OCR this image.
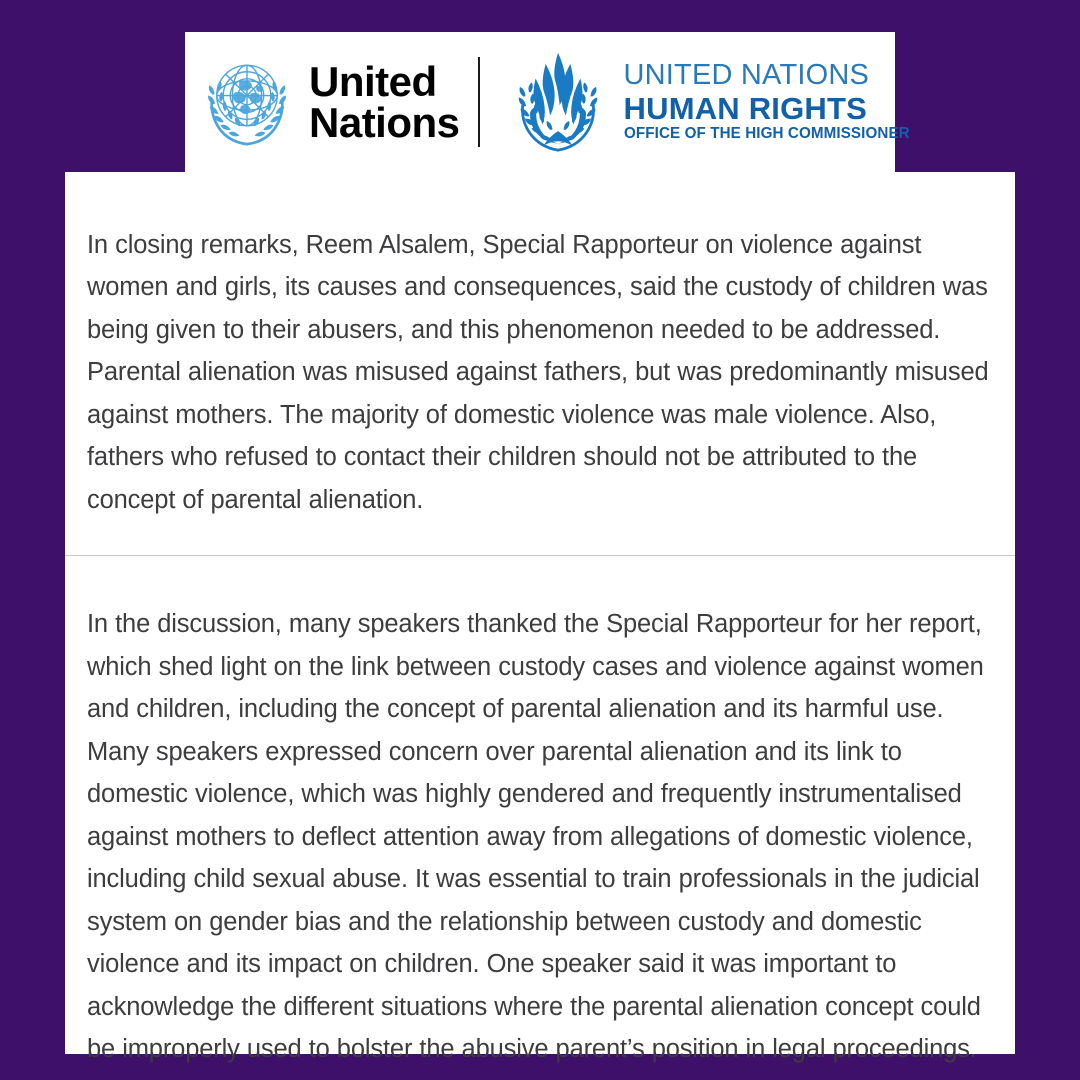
United
Nations
UNITED NATIONS
HUMAN RIGHTS
OFFICE OF THE HIGH COMMISSIONER

In closing remarks, Reem Alsalem, Special Rapporteur on violence against women and girls, its causes and consequences, said the custody of children was being given to their abusers, and this phenomenon needed to be addressed. Parental alienation was misused against fathers, but was predominantly misused against mothers. The majority of domestic violence was male violence. Also, fathers who refused to contact their children should not be attributed to the concept of parental alienation.

In the discussion, many speakers thanked the Special Rapporteur for her report, which shed light on the link between custody cases and violence against women and children, including the concept of parental alienation and its harmful use. Many speakers expressed concern over parental alienation and its link to domestic violence, which was highly gendered and frequently instrumentalised against mothers to deflect attention away from allegations of domestic violence, including child sexual abuse. It was essential to train professionals in the judicial system on gender bias and the relationship between custody and domestic violence and its impact on children. One speaker said it was important to acknowledge the different situations where the parental alienation concept could be improperly used to bolster the abusive parent’s position in legal proceedings.
